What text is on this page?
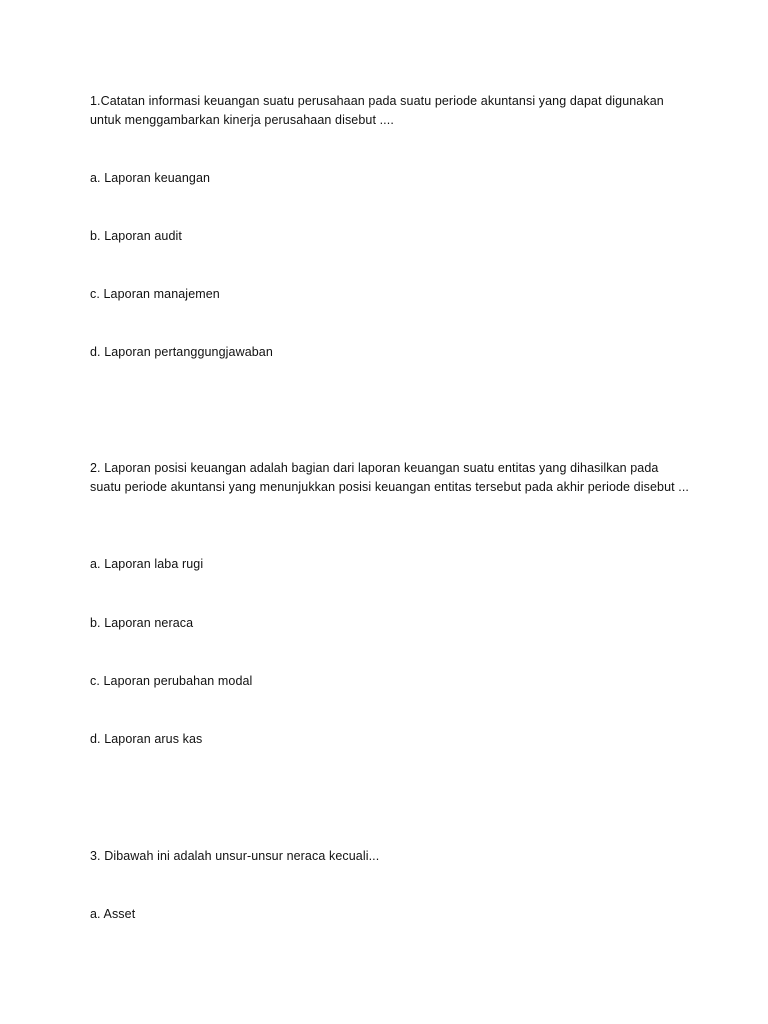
1.Catatan informasi keuangan suatu perusahaan pada suatu periode akuntansi yang dapat digunakan untuk menggambarkan kinerja perusahaan disebut ....
a. Laporan keuangan
b. Laporan audit
c. Laporan manajemen
d. Laporan pertanggungjawaban
2. Laporan posisi keuangan adalah bagian dari laporan keuangan suatu entitas yang dihasilkan pada suatu periode akuntansi yang menunjukkan posisi keuangan entitas tersebut pada akhir periode disebut ...
a. Laporan laba rugi
b. Laporan neraca
c. Laporan perubahan modal
d. Laporan arus kas
3. Dibawah ini adalah unsur-unsur neraca kecuali...
a. Asset
